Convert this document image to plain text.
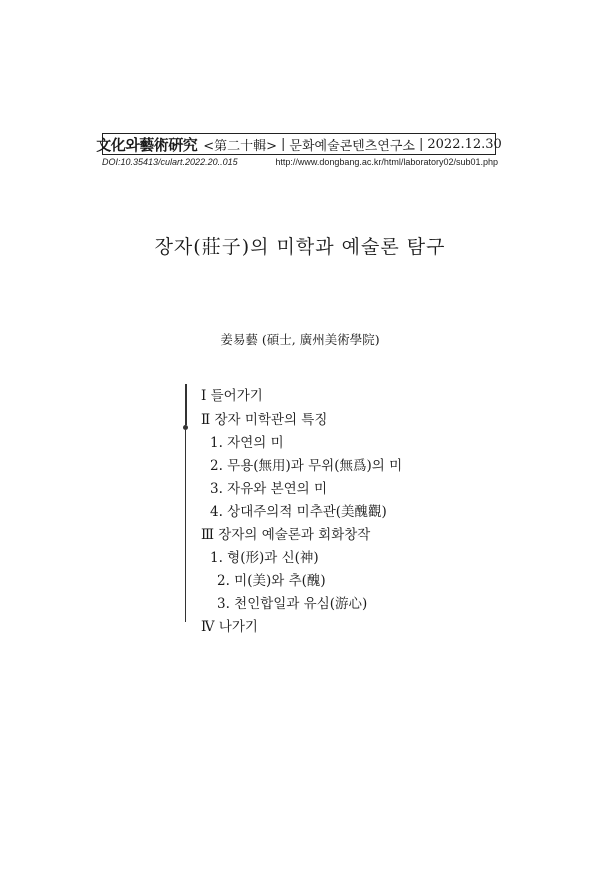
文化와藝術硏究 <第二十輯> | 문화예술콘텐츠연구소 | 2022.12.30
DOI:10.35413/culart.2022.20..015	http://www.dongbang.ac.kr/html/laboratory02/sub01.php
장자(莊子)의 미학과 예술론 탐구
姜易藝 (碩士, 廣州美術學院)
Ⅰ 들어가기
Ⅱ 장자 미학관의 특징
1. 자연의 미
2. 무용(無用)과 무위(無爲)의 미
3. 자유와 본연의 미
4. 상대주의적 미추관(美醜觀)
Ⅲ 장자의 예술론과 회화창작
1. 형(形)과 신(神)
2. 미(美)와 추(醜)
3. 천인합일과 유심(游心)
Ⅳ 나가기
